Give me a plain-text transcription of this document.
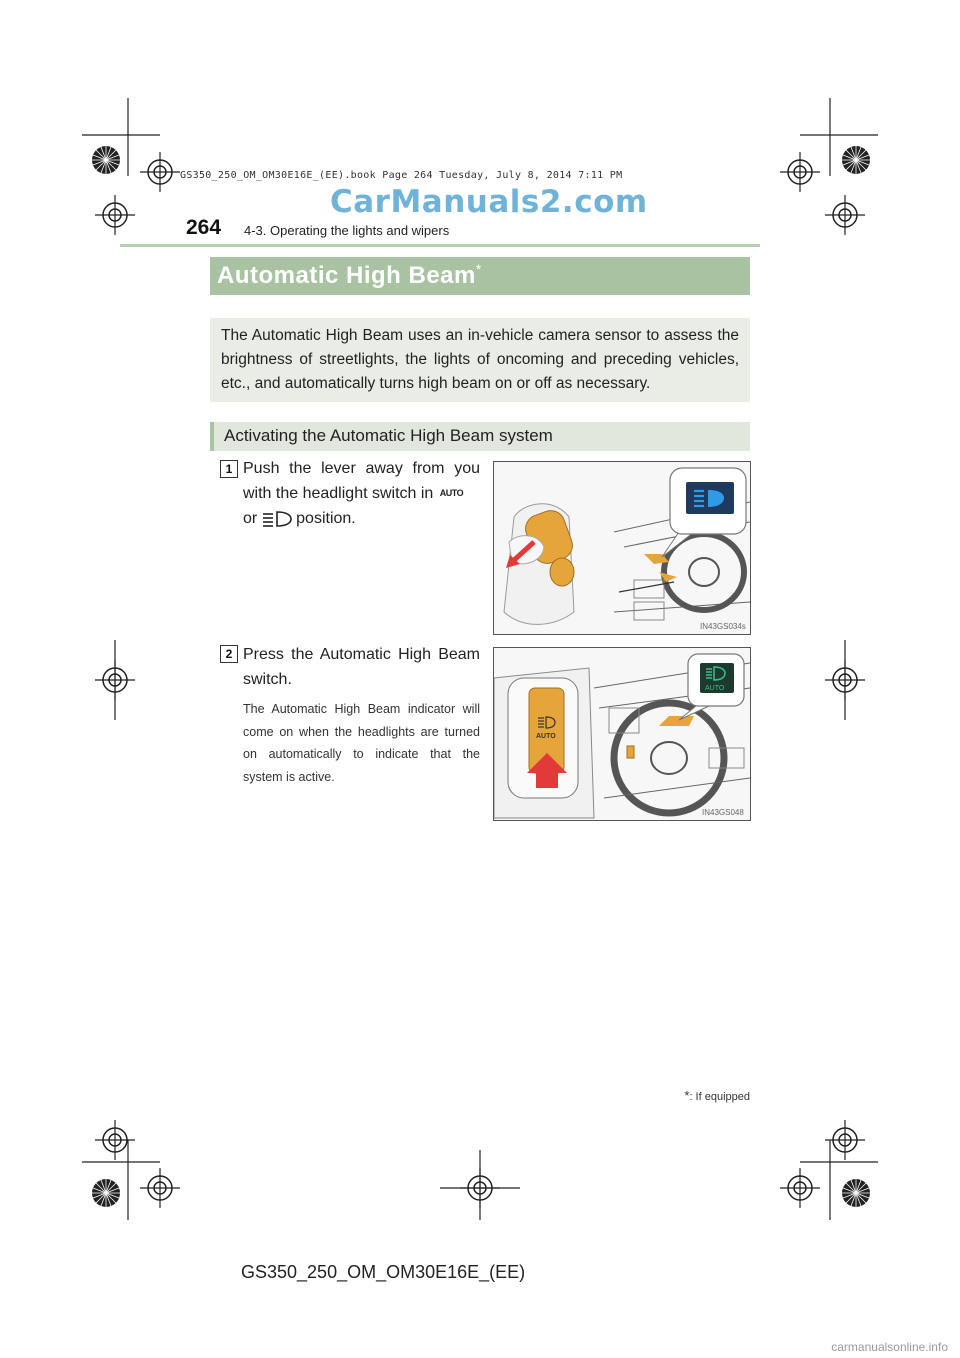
GS350_250_OM_OM30E16E_(EE).book Page 264 Tuesday, July 8, 2014 7:11 PM
CarManuals2.com
264 4-3. Operating the lights and wipers
Automatic High Beam*
The Automatic High Beam uses an in-vehicle camera sensor to assess the brightness of streetlights, the lights of oncoming and preceding vehicles, etc., and automatically turns high beam on or off as necessary.
Activating the Automatic High Beam system
1 Push the lever away from you with the headlight switch in AUTO
or position.
IN43GS034s
2 Press the Automatic High Beam switch.
The Automatic High Beam indicator will come on when the headlights are turned on automatically to indicate that the system is active.
AUTO
AUTO
IN43GS048
*: If equipped
GS350_250_OM_OM30E16E_(EE)
carmanualsonline.info
